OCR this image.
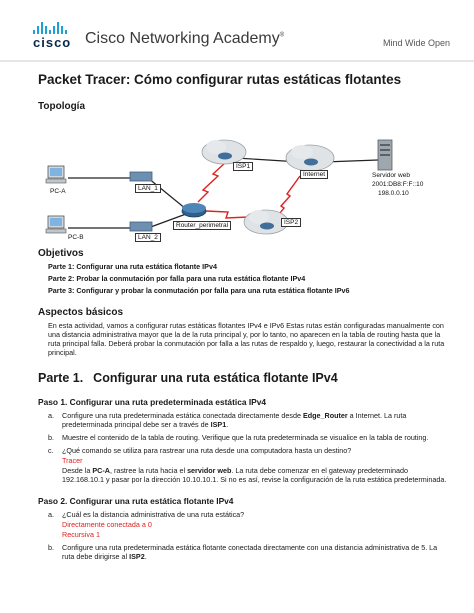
cisco Cisco Networking Academy®
Mind Wide Open
Packet Tracer: Cómo configurar rutas estáticas flotantes
Topología
PC-A
PC-B
LAN_1
LAN_2
Router_perimetral
ISP1
Internet
ISP2
Servidor web
2001:DB8:F:F::10
198.0.0.10
Objetivos
Parte 1: Configurar una ruta estática flotante IPv4
Parte 2: Probar la conmutación por falla para una ruta estática flotante IPv4
Parte 3: Configurar y probar la conmutación por falla para una ruta estática flotante IPv6
Aspectos básicos
En esta actividad, vamos a configurar rutas estáticas flotantes IPv4 e IPv6 Estas rutas están configuradas manualmente con una distancia administrativa mayor que la de la ruta principal y, por lo tanto, no aparecen en la tabla de routing hasta que la ruta principal falla. Deberá probar la conmutación por falla a las rutas de respaldo y, luego, restaurar la conectividad a la ruta principal.
Parte 1. Configurar una ruta estática flotante IPv4
Paso 1. Configurar una ruta predeterminada estática IPv4
a.	Configure una ruta predeterminada estática conectada directamente desde Edge_Router a Internet. La ruta predeterminada principal debe ser a través de ISP1.
b.	Muestre el contenido de la tabla de routing. Verifique que la ruta predeterminada se visualice en la tabla de routing.
c.	¿Qué comando se utiliza para rastrear una ruta desde una computadora hasta un destino?
Tracer
Desde la PC-A, rastree la ruta hacia el servidor web. La ruta debe comenzar en el gateway predeterminado 192.168.10.1 y pasar por la dirección 10.10.10.1. Si no es así, revise la configuración de la ruta estática predeterminada.
Paso 2. Configurar una ruta estática flotante IPv4
a.	¿Cuál es la distancia administrativa de una ruta estática?
Directamente conectada a 0
Recursiva 1
b.	Configure una ruta predeterminada estática flotante conectada directamente con una distancia administrativa de 5. La ruta debe dirigirse al ISP2.
